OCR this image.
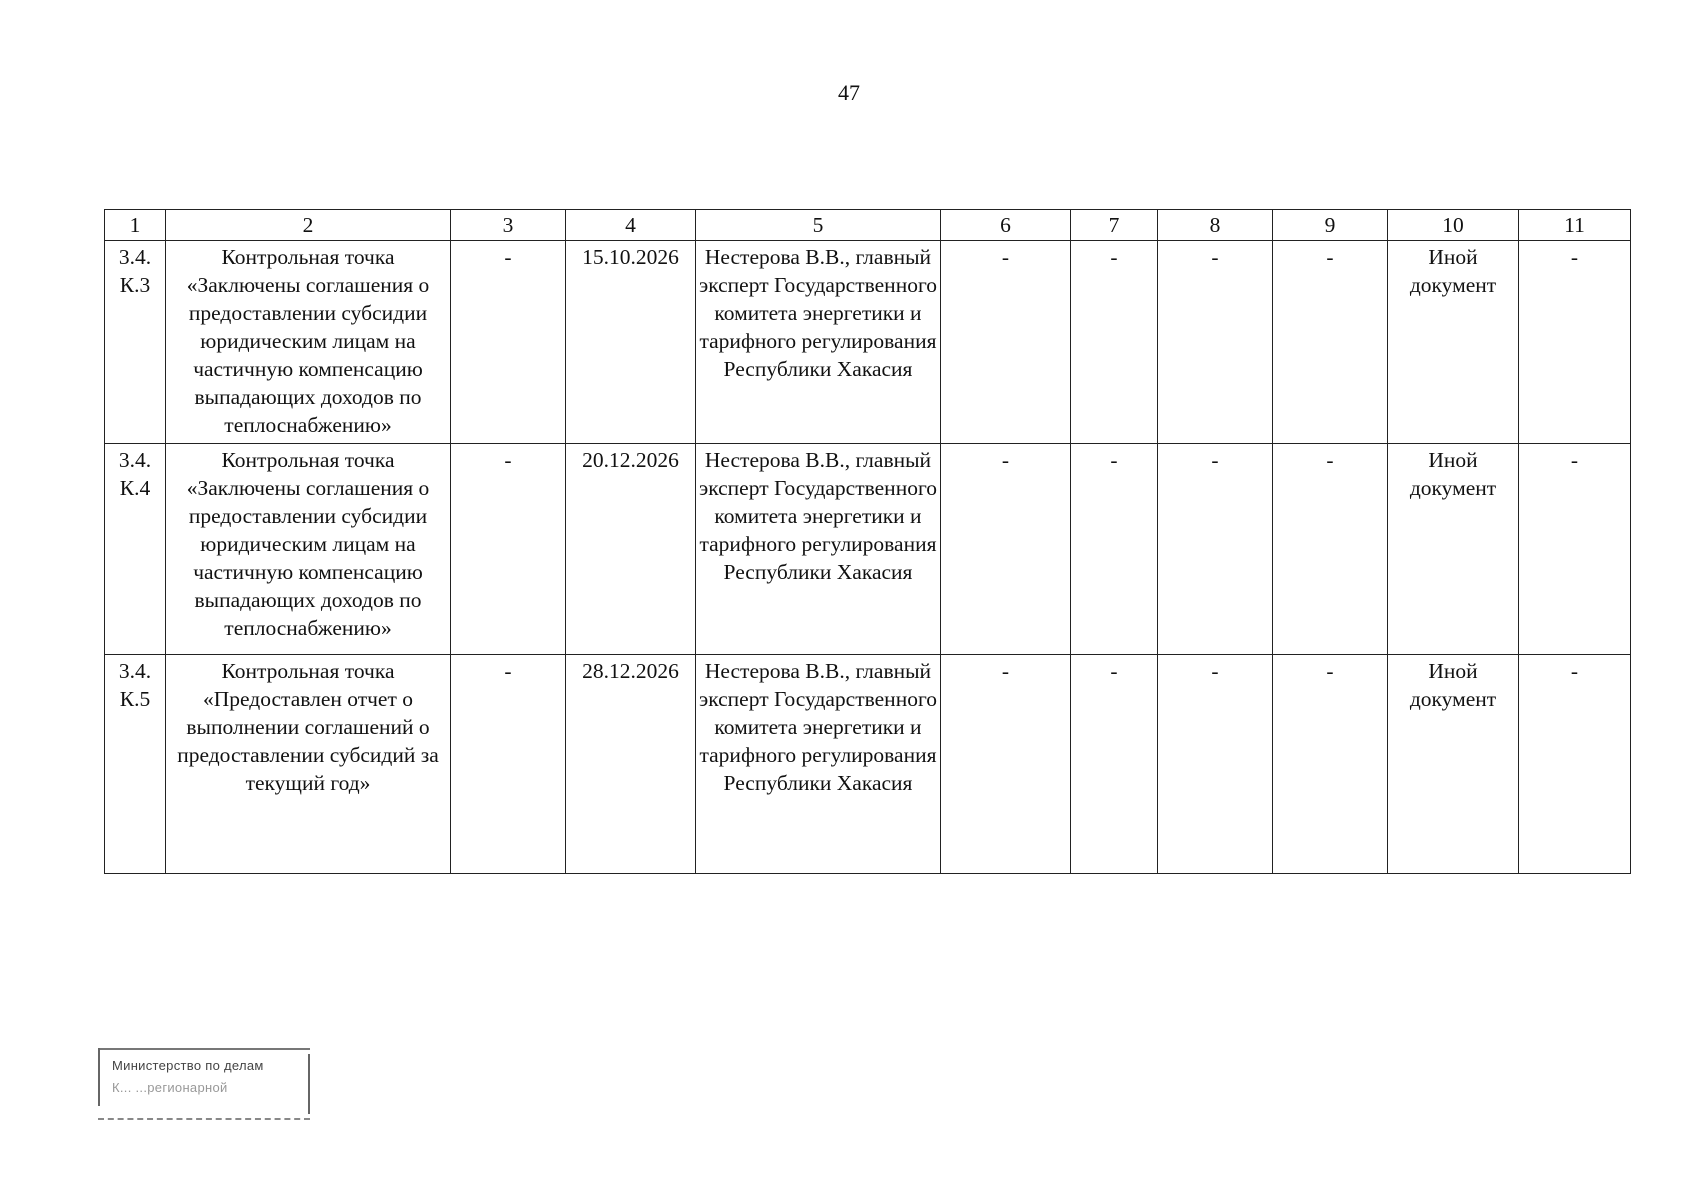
47
1	2	3	4	5	6	7	8	9	10	11
3.4. К.3	Контрольная точка «Заключены соглашения о предоставлении субсидии юридическим лицам на частичную компенсацию выпадающих доходов по теплоснабжению»	-	15.10.2026	Нестерова В.В., главный эксперт Государственного комитета энергетики и тарифного регулирования Республики Хакасия	-	-	-	-	Иной документ	-
3.4. К.4	Контрольная точка «Заключены соглашения о предоставлении субсидии юридическим лицам на частичную компенсацию выпадающих доходов по теплоснабжению»	-	20.12.2026	Нестерова В.В., главный эксперт Государственного комитета энергетики и тарифного регулирования Республики Хакасия	-	-	-	-	Иной документ	-
3.4. К.5	Контрольная точка «Предоставлен отчет о выполнении соглашений о предоставлении субсидий за текущий год»	-	28.12.2026	Нестерова В.В., главный эксперт Государственного комитета энергетики и тарифного регулирования Республики Хакасия	-	-	-	-	Иной документ	-
Министерство по делам
К... ...регионарной
